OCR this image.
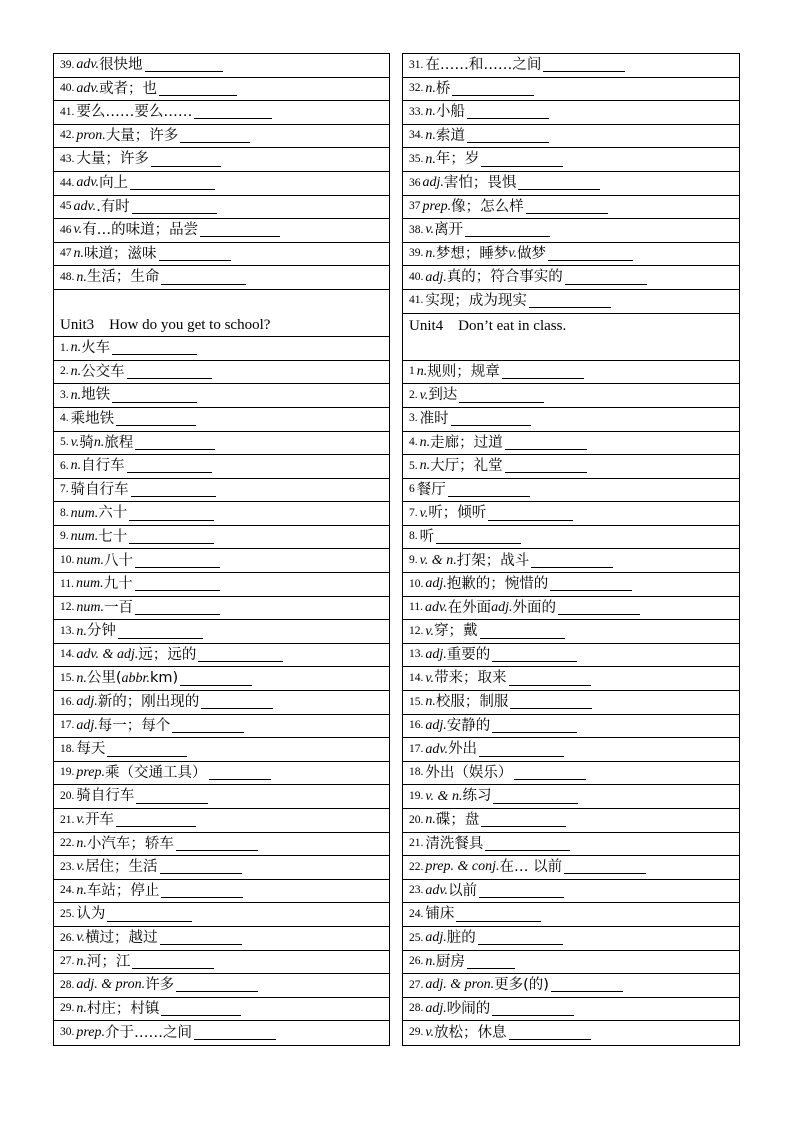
39. adv. 很快地
40. adv. 或者；也
41. 要么……要么……
42. pron. 大量；许多
43. 大量；许多
44. adv. 向上
45 adv. .有时
46 v. 有…的味道；品尝
47 n. 味道；滋味
48. n. 生活；生命
Unit3　How do you get to school?
1. n. 火车
2. n. 公交车
3. n. 地铁
4. 乘地铁
5. v. 骑 n. 旅程
6. n. 自行车
7. 骑自行车
8. num. 六十
9. num. 七十
10. num. 八十
11. num. 九十
12. num. 一百
13. n. 分钟
14. adv. & adj. 远；远的
15. n. 公里( abbr. km)
16. adj. 新的；刚出现的
17. adj. 每一；每个
18. 每天
19. prep. 乘（交通工具）
20. 骑自行车
21. v. 开车
22. n. 小汽车；轿车
23. v. 居住；生活
24. n. 车站；停止
25. 认为
26. v. 横过；越过
27. n. 河；江
28. adj. & pron. 许多
29. n. 村庄；村镇
30. prep. 介于……之间
31. 在……和……之间
32. n. 桥
33. n. 小船
34. n. 索道
35. n. 年；岁
36 adj. 害怕；畏惧
37 prep. 像；怎么样
38. v. 离开
39. n. 梦想；睡梦 v. 做梦
40. adj. 真的；符合事实的
41. 实现；成为现实
Unit4　Don’t eat in class.
1 n. 规则；规章
2. v. 到达
3. 准时
4. n. 走廊；过道
5. n. 大厅；礼堂
6 餐厅
7. v. 听；倾听
8. 听
9. v. & n. 打架；战斗
10. adj. 抱歉的；惋惜的
11. adv. 在外面 adj. 外面的
12. v. 穿；戴
13. adj. 重要的
14. v. 带来；取来
15. n. 校服；制服
16. adj. 安静的
17. adv. 外出
18. 外出（娱乐）
19. v. & n. 练习
20. n. 碟；盘
21. 清洗餐具
22. prep. & conj. 在… 以前
23. adv. 以前
24. 铺床
25. adj. 脏的
26. n. 厨房
27. adj. & pron. 更多(的)
28. adj. 吵闹的
29. v. 放松；休息
